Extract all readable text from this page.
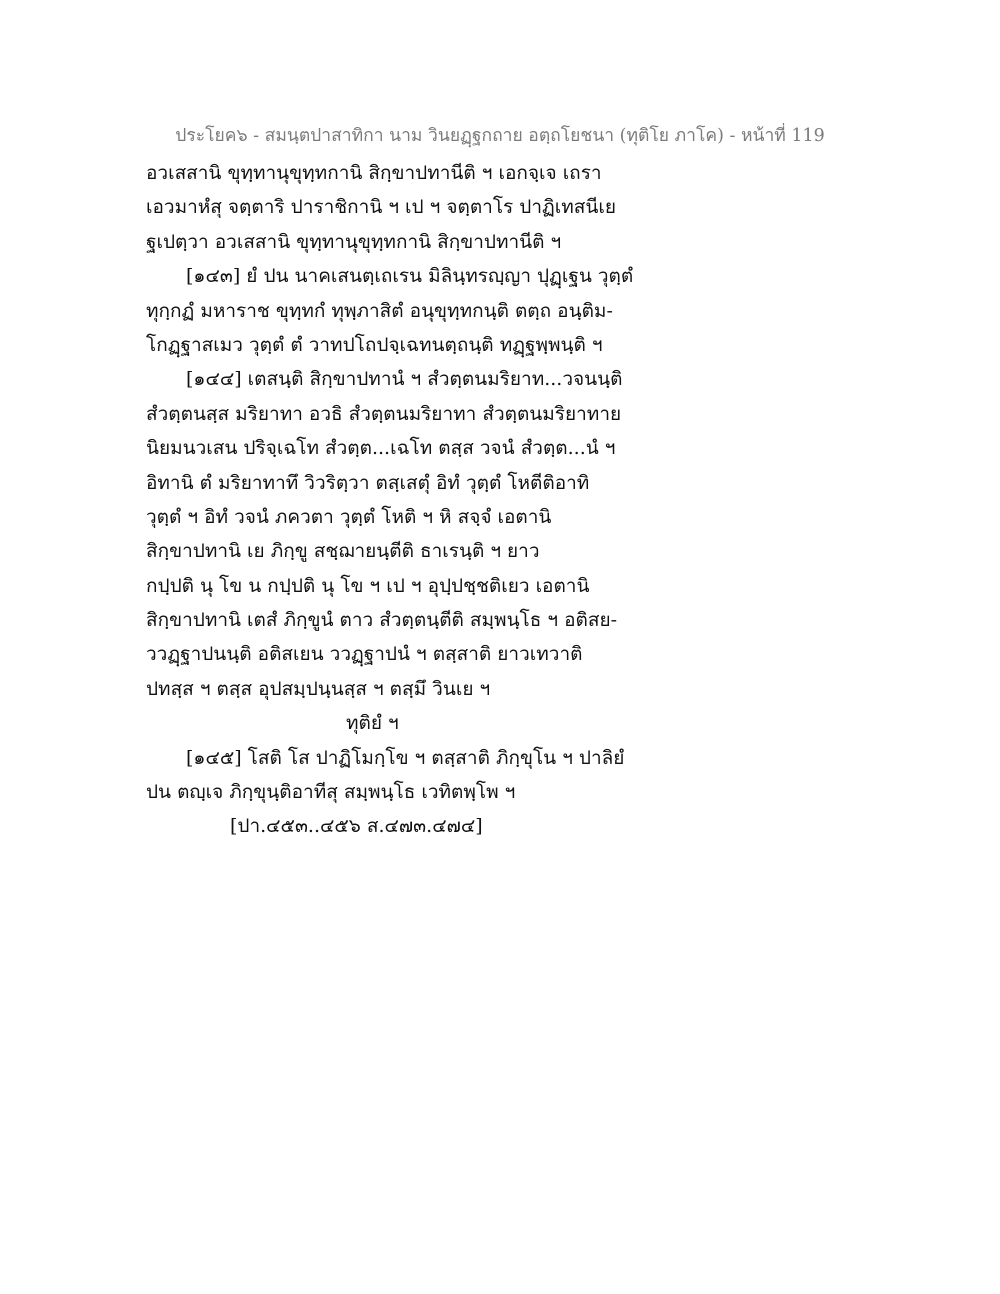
ประโยค๖ - สมนฺตปาสาทิกา นาม วินยฏฺฐกถาย อตฺถโยชนา (ทุติโย ภาโค) - หน้าที่ 119
อวเสสานิ ขุทฺทานุขุทฺทกานิ สิกฺขาปทานีติ ฯ เอกจฺเจ เถรา
เอวมาหํสุ จตฺตาริ ปาราชิกานิ ฯ เป ฯ จตฺตาโร ปาฏิเทสนีเย
ฐเปตฺวา อวเสสานิ ขุทฺทานุขุทฺทกานิ สิกฺขาปทานีติ ฯ
[๑๔๓] ยํ ปน นาคเสนตฺเถเรน มิลินฺทรญฺญา ปุฏฺเฐน วุตฺตํ
ทุกฺกฏํ มหาราช ขุทฺทกํ ทุพฺภาสิตํ อนุขุทฺทกนฺติ ตตฺถ อนฺติม-
โกฏฺฐาสเมว วุตฺตํ ตํ วาทปโถปจฺเฉทนตฺถนฺติ ทฏฺฐพฺพนฺติ ฯ
[๑๔๔] เตสนฺติ สิกฺขาปทานํ ฯ สํวตฺตนมริยาท...วจนนฺติ
สํวตฺตนสฺส มริยาทา อวธิ สํวตฺตนมริยาทา สํวตฺตนมริยาทาย
นิยมนวเสน ปริจฺเฉโท สํวตฺต...เฉโท ตสฺส วจนํ สํวตฺต...นํ ฯ
อิทานิ ตํ มริยาทาทึ วิวริตฺวา ตสฺเสตุํ อิทํ วุตฺตํ โหตีติอาทิ
วุตฺตํ ฯ อิทํ วจนํ ภควตา วุตฺตํ โหติ ฯ หิ สจฺจํ เอตานิ
สิกฺขาปทานิ เย ภิกฺขู สชฺฌายนฺตีติ ธาเรนฺติ ฯ ยาว
กปฺปติ นุ โข น กปฺปติ นุ โข ฯ เป ฯ อุปฺปชฺชติเยว เอตานิ
สิกฺขาปทานิ เตสํ ภิกฺขูนํ ตาว สํวตฺตนฺตีติ สมฺพนฺโธ ฯ อติสย-
ววฏฺฐาปนนฺติ อติสเยน ววฏฺฐาปนํ ฯ ตสฺสาติ ยาวเทวาติ
ปทสฺส ฯ ตสฺส อุปสมฺปนฺนสฺส ฯ ตสฺมึ วินเย ฯ
ทุติยํ ฯ
[๑๔๕] โสติ โส ปาฏิโมกฺโข ฯ ตสฺสาติ ภิกฺขุโน ฯ ปาลิยํ
ปน ตญฺเจ ภิกฺขุนฺติอาทีสุ สมฺพนฺโธ เวทิตพฺโพ ฯ
[ปา.๔๕๓..๔๕๖ ส.๔๗๓.๔๗๔]
